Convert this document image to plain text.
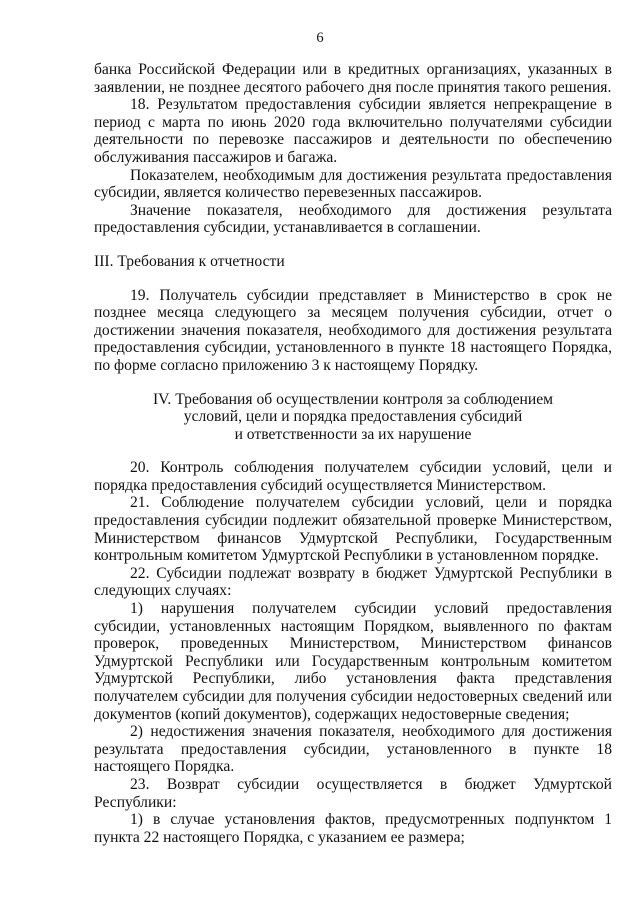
6

банка Российской Федерации или в кредитных организациях, указанных в заявлении, не позднее десятого рабочего дня после принятия такого решения.

18. Результатом предоставления субсидии является непрекращение в период с марта по июнь 2020 года включительно получателями субсидии деятельности по перевозке пассажиров и деятельности по обеспечению обслуживания пассажиров и багажа.

Показателем, необходимым для достижения результата предоставления субсидии, является количество перевезенных пассажиров.

Значение показателя, необходимого для достижения результата предоставления субсидии, устанавливается в соглашении.

III. Требования к отчетности

19. Получатель субсидии представляет в Министерство в срок не позднее месяца следующего за месяцем получения субсидии, отчет о достижении значения показателя, необходимого для достижения результата предоставления субсидии, установленного в пункте 18 настоящего Порядка, по форме согласно приложению 3 к настоящему Порядку.

IV. Требования об осуществлении контроля за соблюдением
условий, цели и порядка предоставления субсидий
и ответственности за их нарушение

20. Контроль соблюдения получателем субсидии условий, цели и порядка предоставления субсидий осуществляется Министерством.

21. Соблюдение получателем субсидии условий, цели и порядка предоставления субсидии подлежит обязательной проверке Министерством, Министерством финансов Удмуртской Республики, Государственным контрольным комитетом Удмуртской Республики в установленном порядке.

22. Субсидии подлежат возврату в бюджет Удмуртской Республики в следующих случаях:

1) нарушения получателем субсидии условий предоставления субсидии, установленных настоящим Порядком, выявленного по фактам проверок, проведенных Министерством, Министерством финансов Удмуртской Республики или Государственным контрольным комитетом Удмуртской Республики, либо установления факта представления получателем субсидии для получения субсидии недостоверных сведений или документов (копий документов), содержащих недостоверные сведения;

2) недостижения значения показателя, необходимого для достижения результата предоставления субсидии, установленного в пункте 18 настоящего Порядка.

23. Возврат субсидии осуществляется в бюджет Удмуртской Республики:

1) в случае установления фактов, предусмотренных подпунктом 1 пункта 22 настоящего Порядка, с указанием ее размера;
